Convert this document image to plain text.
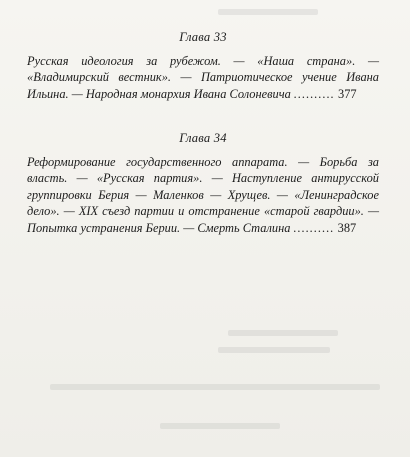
Глава 33
Русская идеология за рубежом. — «Наша страна». — «Владимирский вестник». — Патриотическое учение Ивана Ильина. — Народная монархия Ивана Солоневича .......... 377
Глава 34
Реформирование государственного аппарата. — Борьба за власть. — «Русская партия». — Наступление антирусской группировки Берия — Маленков — Хрущев. — «Ленинградское дело». — XIX съезд партии и отстранение «старой гвардии». — Попытка устранения Берии. — Смерть Сталина .......... 387
